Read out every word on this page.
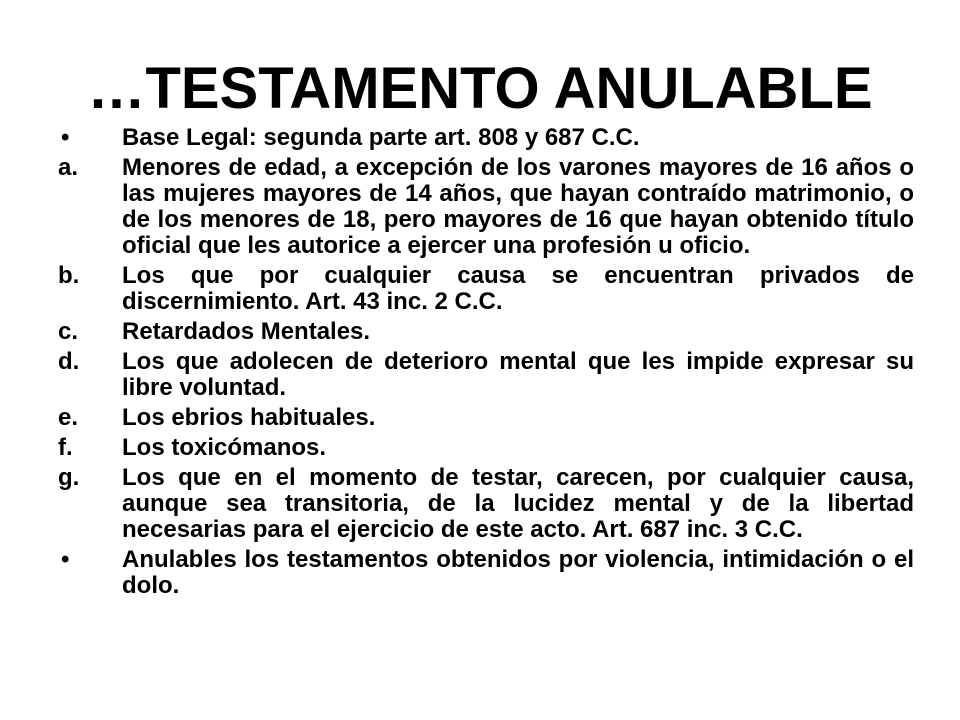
…TESTAMENTO ANULABLE
•	Base Legal: segunda parte art. 808 y 687 C.C.
a.	Menores de edad, a excepción de los varones mayores de 16 años o las mujeres mayores de 14 años, que hayan contraído matrimonio, o de los menores de 18, pero mayores de 16 que hayan obtenido título oficial que les autorice a ejercer una profesión u oficio.
b.	Los que por cualquier causa se encuentran privados de discernimiento. Art. 43 inc. 2 C.C.
c.	Retardados Mentales.
d.	Los que adolecen de deterioro mental que les impide expresar su libre voluntad.
e.	Los ebrios habituales.
f.	Los toxicómanos.
g.	Los que en el momento de testar, carecen, por cualquier causa, aunque sea transitoria, de la lucidez mental y de la libertad necesarias para el ejercicio de este acto. Art. 687 inc. 3 C.C.
•	Anulables los testamentos obtenidos por violencia, intimidación o el dolo.
